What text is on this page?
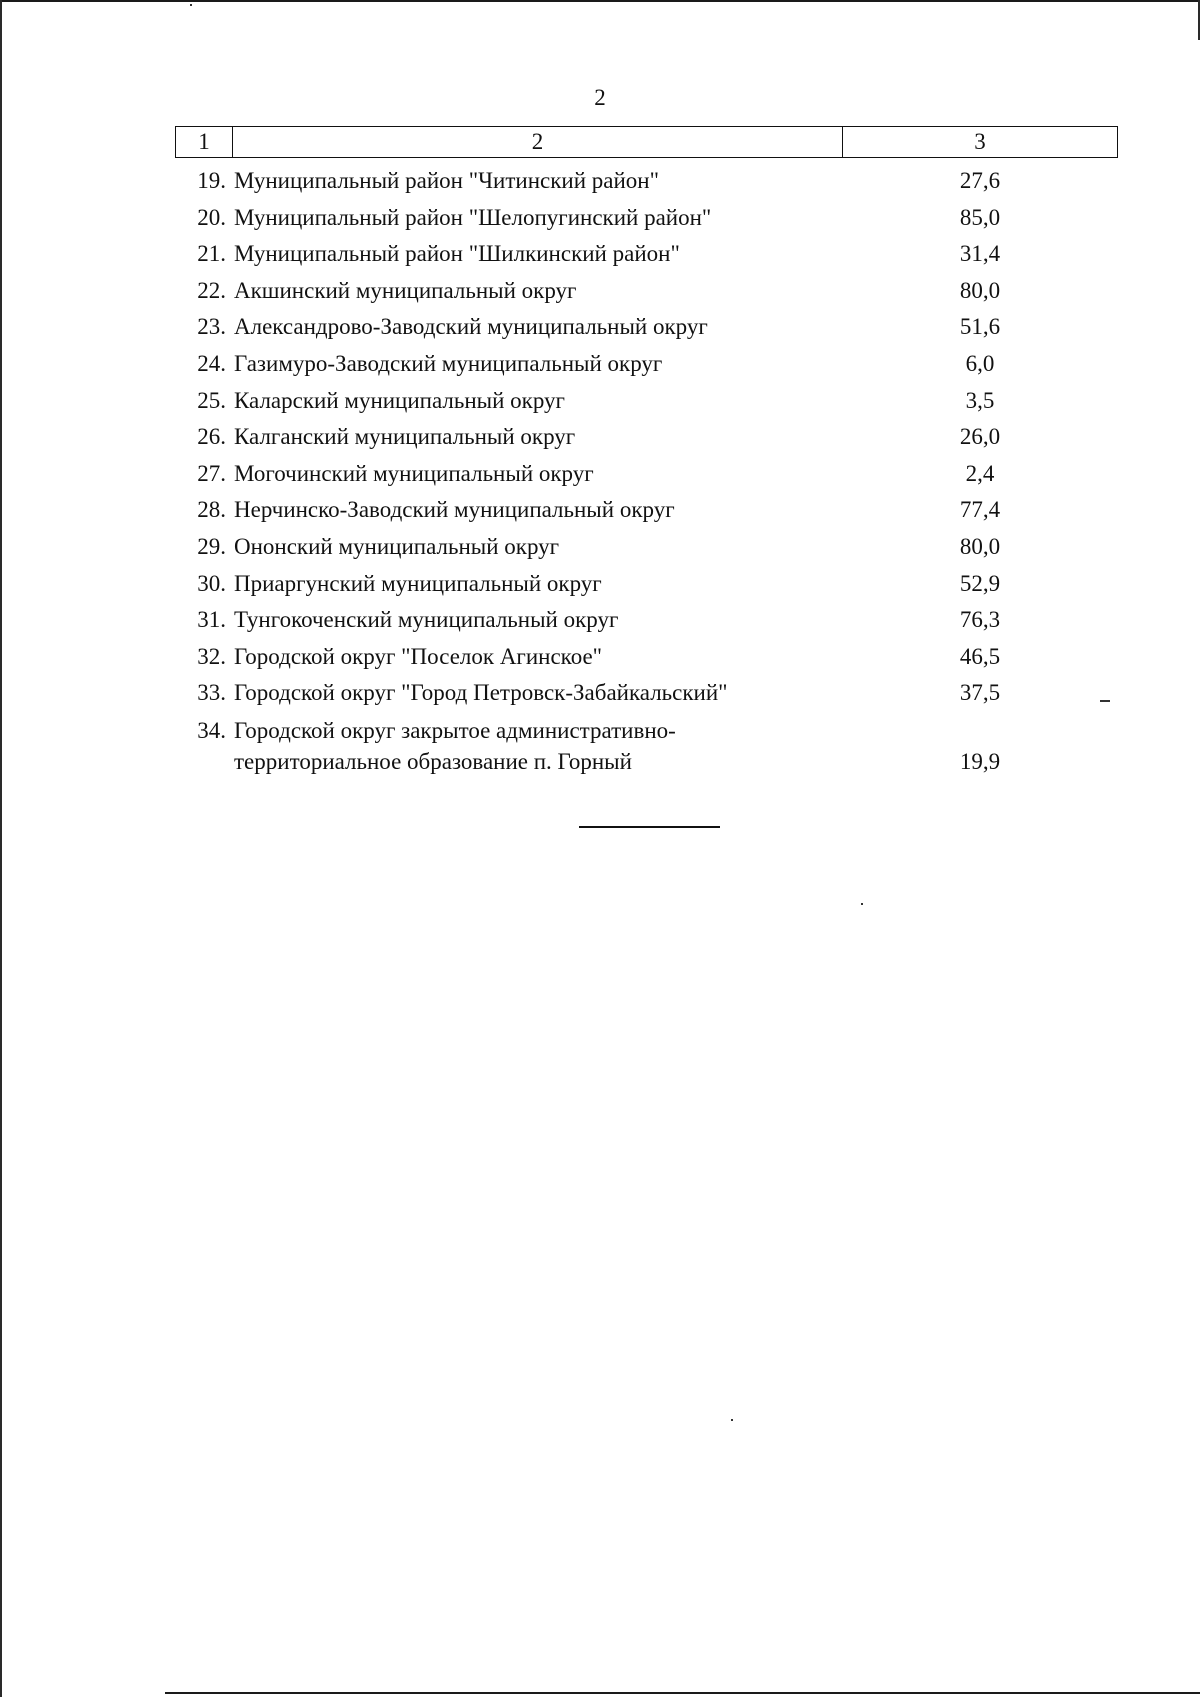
2
1	2	3
19. Муниципальный район "Читинский район"	27,6
20. Муниципальный район "Шелопугинский район"	85,0
21. Муниципальный район "Шилкинский район"	31,4
22. Акшинский муниципальный округ	80,0
23. Александрово-Заводский муниципальный округ	51,6
24. Газимуро-Заводский муниципальный округ	6,0
25. Каларский муниципальный округ	3,5
26. Калганский муниципальный округ	26,0
27. Могочинский муниципальный округ	2,4
28. Нерчинско-Заводский муниципальный округ	77,4
29. Ононский муниципальный округ	80,0
30. Приаргунский муниципальный округ	52,9
31. Тунгокоченский муниципальный округ	76,3
32. Городской округ "Поселок Агинское"	46,5
33. Городской округ "Город Петровск-Забайкальский"	37,5
34. Городской округ закрытое административно-
территориальное образование п. Горный	19,9
